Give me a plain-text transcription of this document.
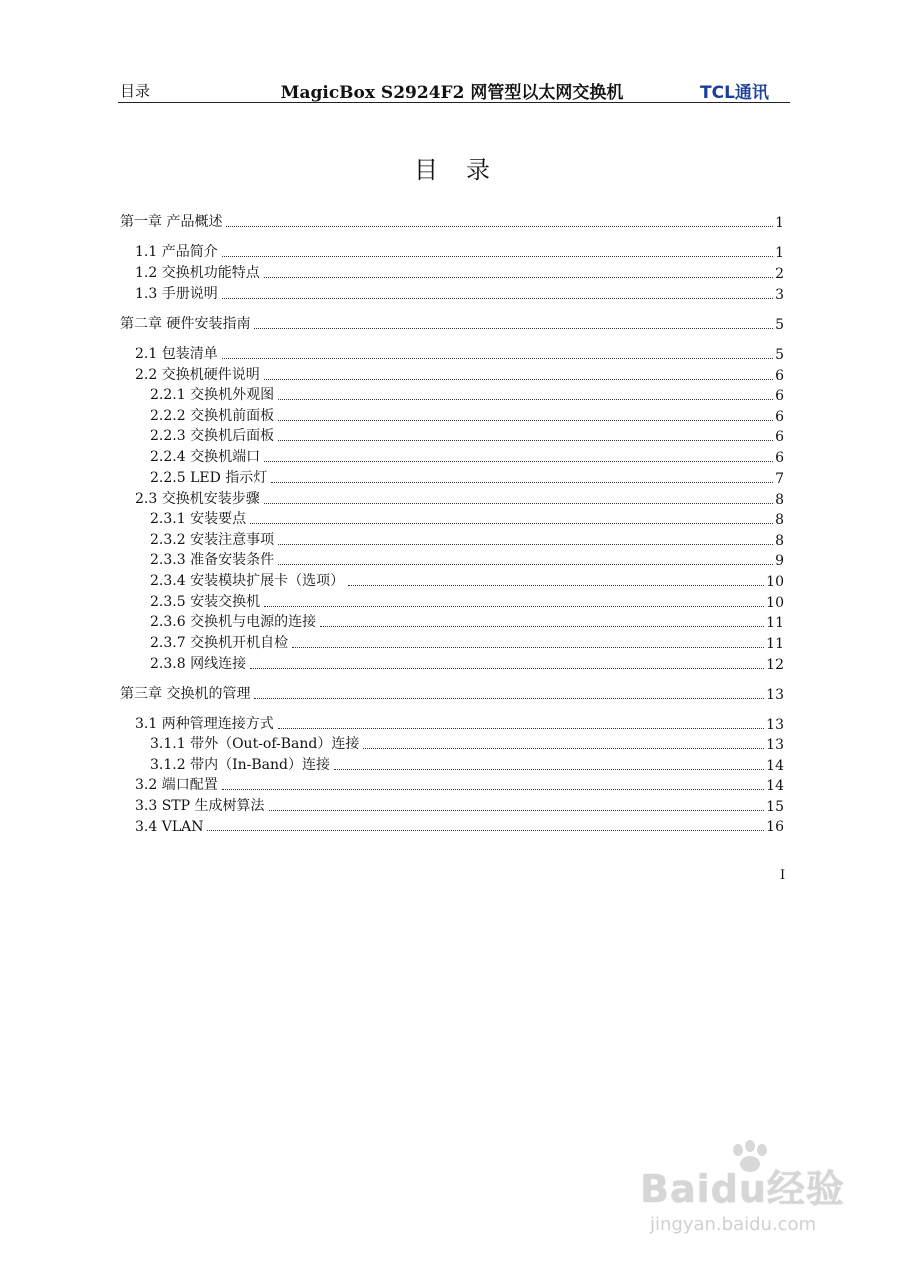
目录	MagicBox S2924F2 网管型以太网交换机	TCL通讯
目录
第一章 产品概述	1
1.1 产品简介	1
1.2 交换机功能特点	2
1.3 手册说明	3
第二章 硬件安装指南	5
2.1 包装清单	5
2.2 交换机硬件说明	6
2.2.1 交换机外观图	6
2.2.2 交换机前面板	6
2.2.3 交换机后面板	6
2.2.4 交换机端口	6
2.2.5 LED 指示灯	7
2.3 交换机安装步骤	8
2.3.1 安装要点	8
2.3.2 安装注意事项	8
2.3.3 准备安装条件	9
2.3.4 安装模块扩展卡（选项）	10
2.3.5 安装交换机	10
2.3.6 交换机与电源的连接	11
2.3.7 交换机开机自检	11
2.3.8 网线连接	12
第三章 交换机的管理	13
3.1 两种管理连接方式	13
3.1.1 带外（Out-of-Band）连接	13
3.1.2 带内（In-Band）连接	14
3.2 端口配置	14
3.3 STP 生成树算法	15
3.4 VLAN	16
I
Baidu经验
jingyan.baidu.com
